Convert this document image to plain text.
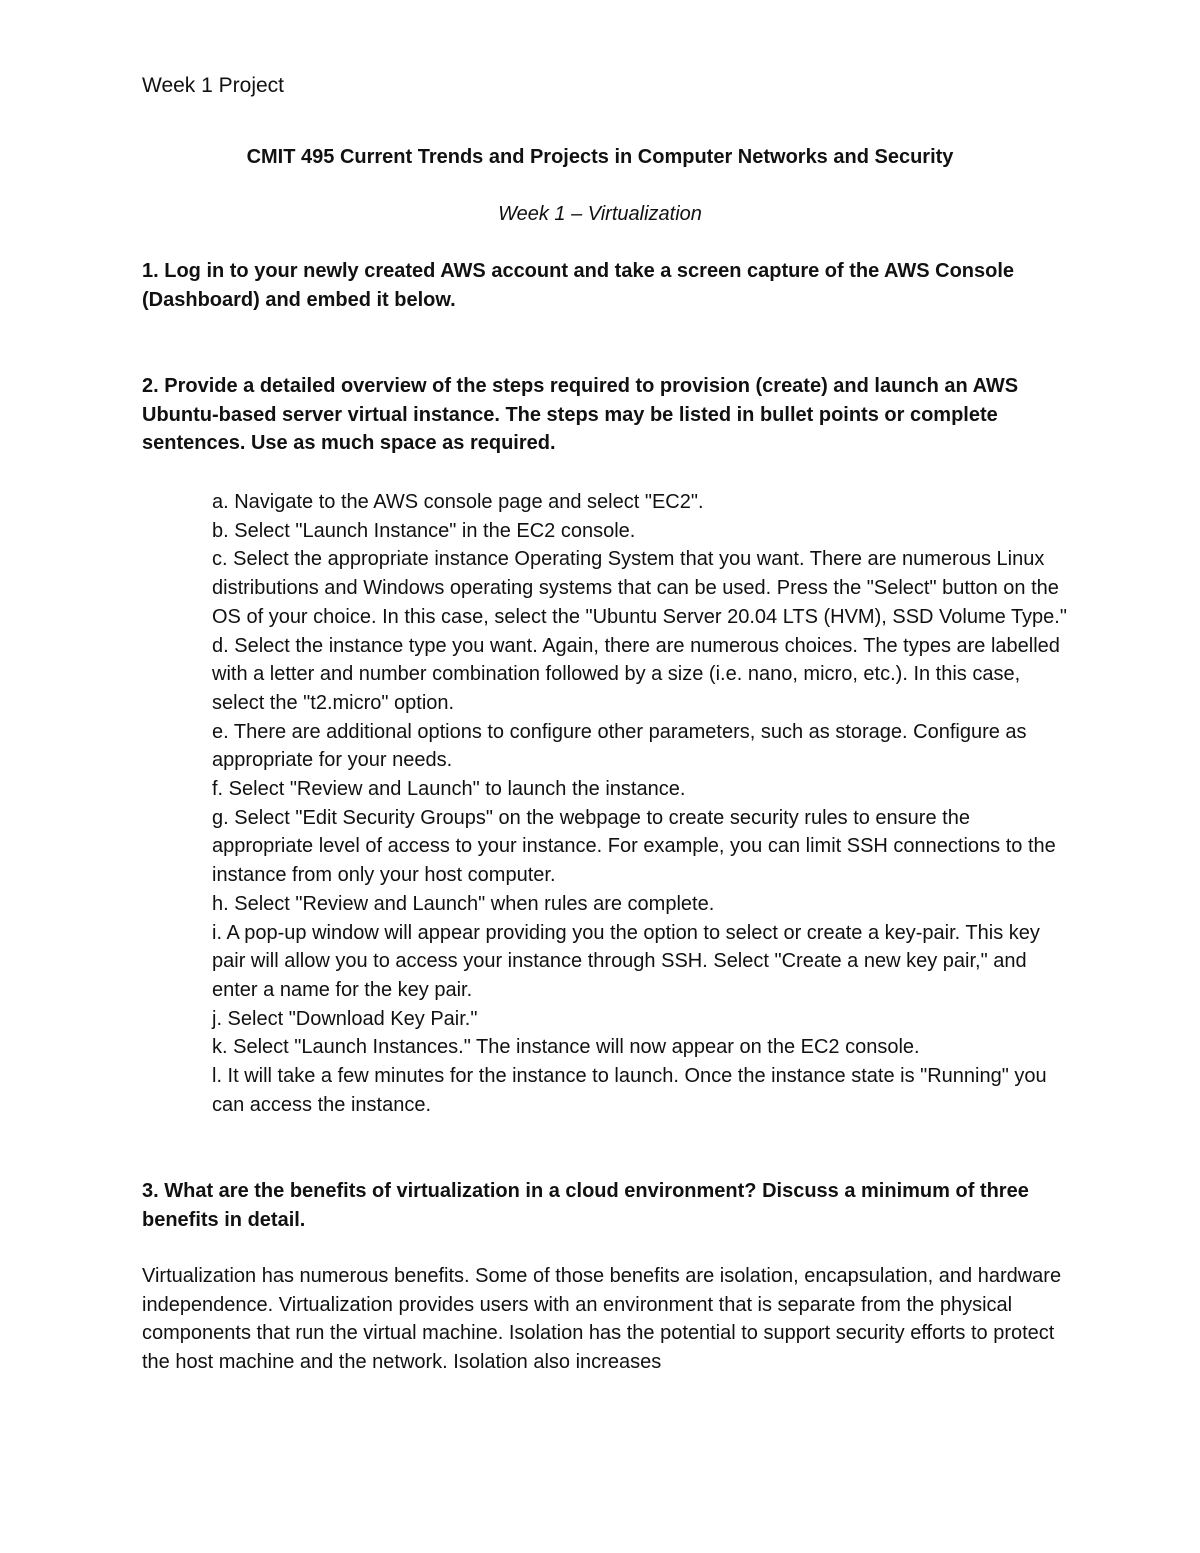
Week 1 Project
CMIT 495 Current Trends and Projects in Computer Networks and Security
Week 1 – Virtualization

1. Log in to your newly created AWS account and take a screen capture of the AWS Console (Dashboard) and embed it below.

2. Provide a detailed overview of the steps required to provision (create) and launch an AWS Ubuntu-based server virtual instance. The steps may be listed in bullet points or complete sentences. Use as much space as required.

a. Navigate to the AWS console page and select "EC2".
b. Select "Launch Instance" in the EC2 console.
c. Select the appropriate instance Operating System that you want. There are numerous Linux distributions and Windows operating systems that can be used. Press the "Select" button on the OS of your choice. In this case, select the "Ubuntu Server 20.04 LTS (HVM), SSD Volume Type."
d. Select the instance type you want. Again, there are numerous choices. The types are labelled with a letter and number combination followed by a size (i.e. nano, micro, etc.). In this case, select the "t2.micro" option.
e. There are additional options to configure other parameters, such as storage. Configure as appropriate for your needs.
f. Select "Review and Launch" to launch the instance.
g. Select "Edit Security Groups" on the webpage to create security rules to ensure the appropriate level of access to your instance. For example, you can limit SSH connections to the instance from only your host computer.
h. Select "Review and Launch" when rules are complete.
i. A pop-up window will appear providing you the option to select or create a key-pair. This key pair will allow you to access your instance through SSH. Select "Create a new key pair," and enter a name for the key pair.
j. Select "Download Key Pair."
k. Select "Launch Instances." The instance will now appear on the EC2 console.
l. It will take a few minutes for the instance to launch. Once the instance state is "Running" you can access the instance.

3. What are the benefits of virtualization in a cloud environment? Discuss a minimum of three benefits in detail.

Virtualization has numerous benefits. Some of those benefits are isolation, encapsulation, and hardware independence. Virtualization provides users with an environment that is separate from the physical components that run the virtual machine. Isolation has the potential to support security efforts to protect the host machine and the network. Isolation also increases
